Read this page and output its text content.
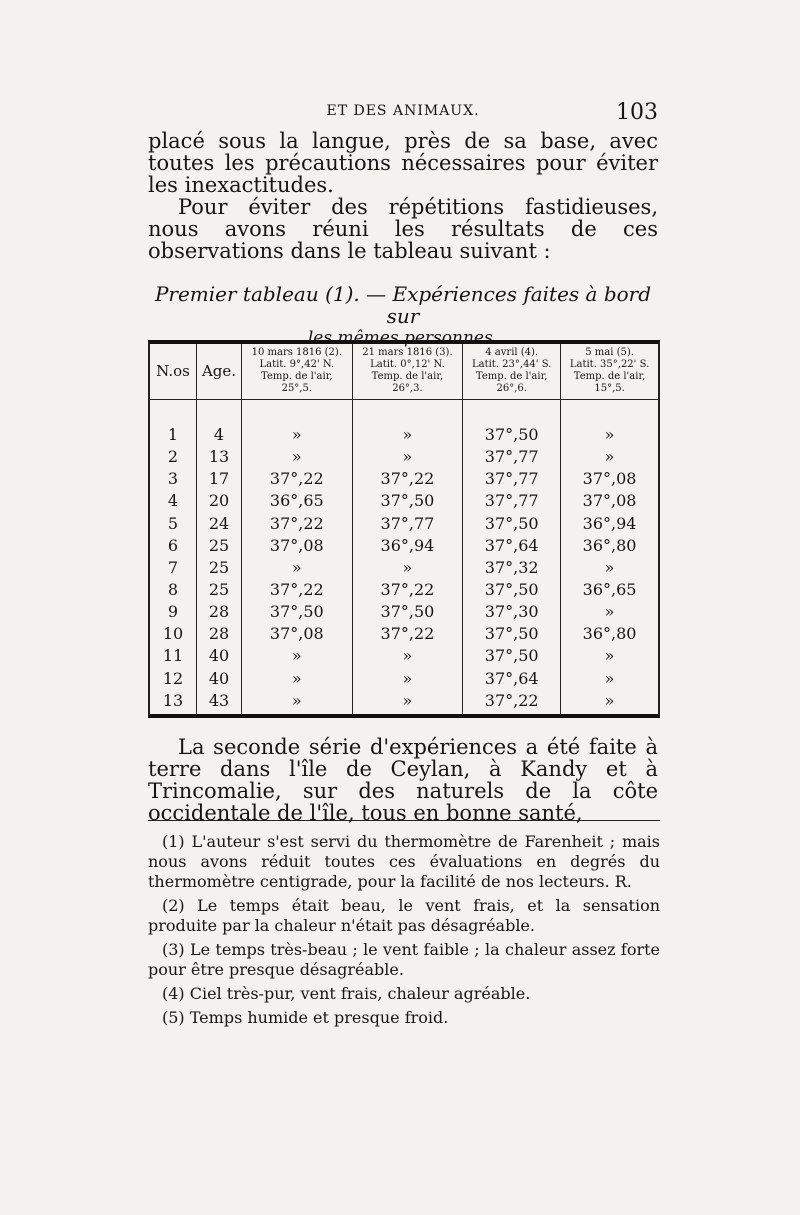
ET DES ANIMAUX.	103

placé sous la langue, près de sa base, avec toutes les précautions nécessaires pour éviter les inexactitudes.

Pour éviter des répétitions fastidieuses, nous avons réuni les résultats de ces observations dans le tableau suivant :

Premier tableau (1). — Expériences faites à bord sur
les mêmes personnes.
N.os	Age.	10 mars 1816 (2).
Latit. 9°,42' N.
Temp. de l'air,
25°,5.	21 mars 1816 (3).
Latit. 0°,12' N.
Temp. de l'air,
26°,3.	4 avril (4).
Latit. 23°,44' S.
Temp. de l'air,
26°,6.	5 mai (5).
Latit. 35°,22' S.
Temp. de l'air,
15°,5.

1	4	»	»	37°,50	»
2	13	»	»	37°,77	»
3	17	37°,22	37°,22	37°,77	37°,08
4	20	36°,65	37°,50	37°,77	37°,08
5	24	37°,22	37°,77	37°,50	36°,94
6	25	37°,08	36°,94	37°,64	36°,80
7	25	»	»	37°,32	»
8	25	37°,22	37°,22	37°,50	36°,65
9	28	37°,50	37°,50	37°,30	»
10	28	37°,08	37°,22	37°,50	36°,80
11	40	»	»	37°,50	»
12	40	»	»	37°,64	»
13	43	»	»	37°,22	»

La seconde série d'expériences a été faite à terre dans l'île de Ceylan, à Kandy et à Trincomalie, sur des naturels de la côte occidentale de l'île, tous en bonne santé,

(1) L'auteur s'est servi du thermomètre de Farenheit ; mais nous avons réduit toutes ces évaluations en degrés du thermomètre centigrade, pour la facilité de nos lecteurs. R.

(2) Le temps était beau, le vent frais, et la sensation produite par la chaleur n'était pas désagréable.

(3) Le temps très-beau ; le vent faible ; la chaleur assez forte pour être presque désagréable.

(4) Ciel très-pur, vent frais, chaleur agréable.

(5) Temps humide et presque froid.
